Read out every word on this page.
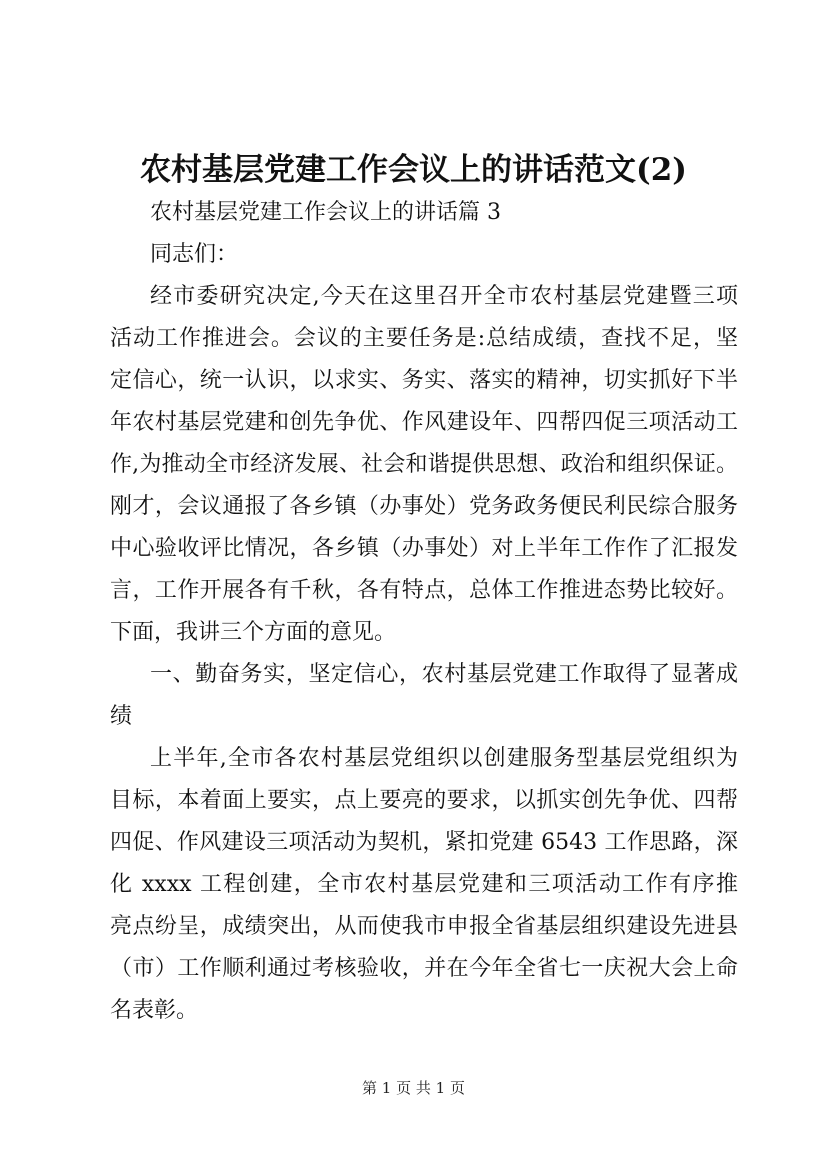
农村基层党建工作会议上的讲话范文(2)
农村基层党建工作会议上的讲话篇 3
同志们：
经市委研究决定,今天在这里召开全市农村基层党建暨三项
活动工作推进会。会议的主要任务是:总结成绩，查找不足，坚
定信心，统一认识，以求实、务实、落实的精神，切实抓好下半
年农村基层党建和创先争优、作风建设年、四帮四促三项活动工
作,为推动全市经济发展、社会和谐提供思想、政治和组织保证。
刚才，会议通报了各乡镇（办事处）党务政务便民利民综合服务
中心验收评比情况，各乡镇（办事处）对上半年工作作了汇报发
言，工作开展各有千秋，各有特点，总体工作推进态势比较好。
下面，我讲三个方面的意见。
一、勤奋务实，坚定信心，农村基层党建工作取得了显著成
绩
上半年,全市各农村基层党组织以创建服务型基层党组织为
目标，本着面上要实，点上要亮的要求，以抓实创先争优、四帮
四促、作风建设三项活动为契机，紧扣党建 6543 工作思路，深
化 xxxx 工程创建，全市农村基层党建和三项活动工作有序推
亮点纷呈，成绩突出，从而使我市申报全省基层组织建设先进县
（市）工作顺利通过考核验收，并在今年全省七一庆祝大会上命
名表彰。
第 1 页 共 1 页
